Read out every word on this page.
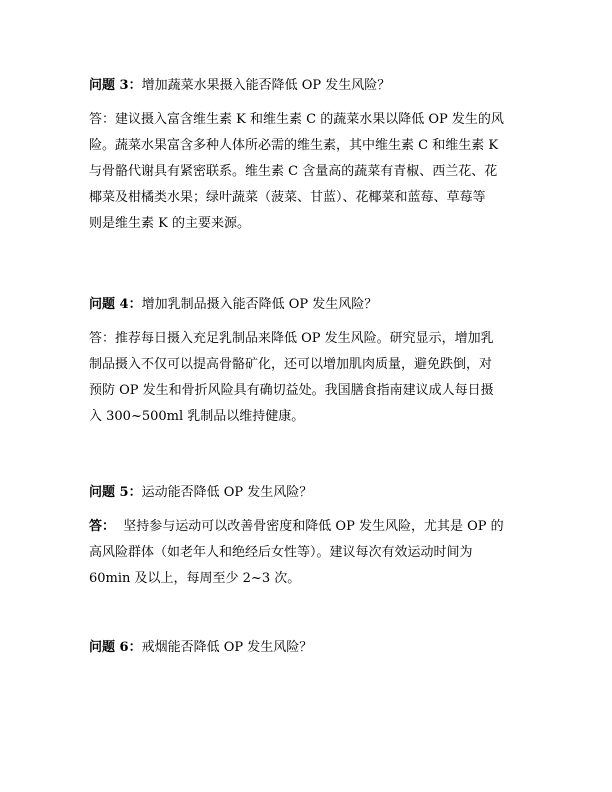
问题 3：增加蔬菜水果摄入能否降低 OP 发生风险？
答：建议摄入富含维生素 K 和维生素 C 的蔬菜水果以降低 OP 发生的风
险。蔬菜水果富含多种人体所必需的维生素，其中维生素 C 和维生素 K
与骨骼代谢具有紧密联系。维生素 C 含量高的蔬菜有青椒、西兰花、花
椰菜及柑橘类水果；绿叶蔬菜（菠菜、甘蓝）、花椰菜和蓝莓、草莓等
则是维生素 K 的主要来源。
问题 4：增加乳制品摄入能否降低 OP 发生风险？
答：推荐每日摄入充足乳制品来降低 OP 发生风险。研究显示，增加乳
制品摄入不仅可以提高骨骼矿化，还可以增加肌肉质量，避免跌倒，对
预防 OP 发生和骨折风险具有确切益处。我国膳食指南建议成人每日摄
入 300~500ml 乳制品以维持健康。
问题 5：运动能否降低 OP 发生风险？
答： 坚持参与运动可以改善骨密度和降低 OP 发生风险，尤其是 OP 的
高风险群体（如老年人和绝经后女性等）。建议每次有效运动时间为
60min 及以上，每周至少 2~3 次。
问题 6：戒烟能否降低 OP 发生风险？
